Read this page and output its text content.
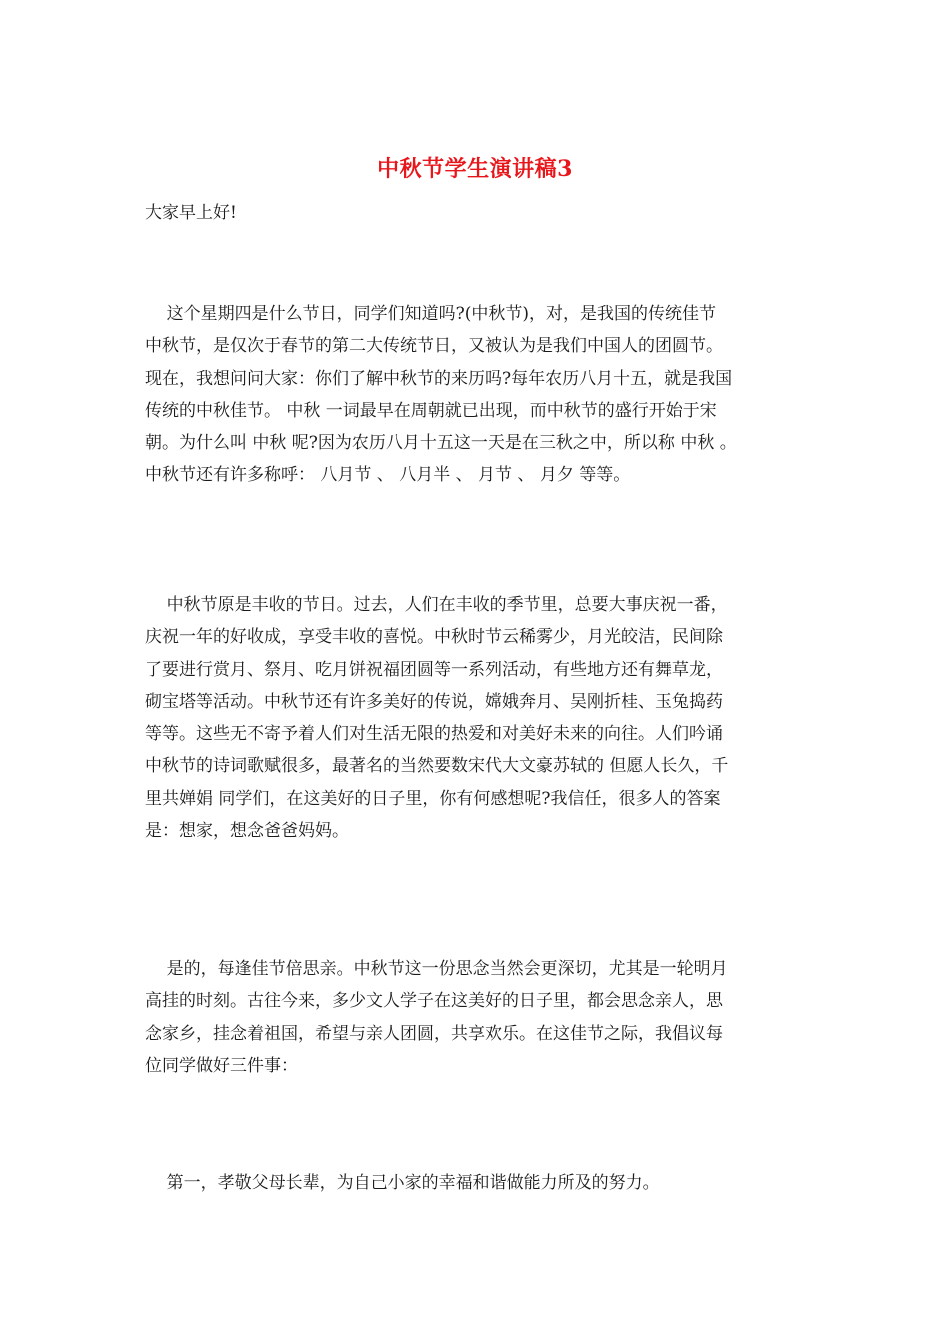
中秋节学生演讲稿3
大家早上好!
这个星期四是什么节日，同学们知道吗?(中秋节)，对，是我国的传统佳节
中秋节，是仅次于春节的第二大传统节日，又被认为是我们中国人的团圆节。
现在，我想问问大家：你们了解中秋节的来历吗?每年农历八月十五，就是我国
传统的中秋佳节。 中秋 一词最早在周朝就已出现，而中秋节的盛行开始于宋
朝。为什么叫 中秋 呢?因为农历八月十五这一天是在三秋之中，所以称 中秋 。
中秋节还有许多称呼： 八月节 、 八月半 、 月节 、 月夕 等等。
中秋节原是丰收的节日。过去，人们在丰收的季节里，总要大事庆祝一番，
庆祝一年的好收成，享受丰收的喜悦。中秋时节云稀雾少，月光皎洁，民间除
了要进行赏月、祭月、吃月饼祝福团圆等一系列活动，有些地方还有舞草龙，
砌宝塔等活动。中秋节还有许多美好的传说，嫦娥奔月、吴刚折桂、玉兔捣药
等等。这些无不寄予着人们对生活无限的热爱和对美好未来的向往。人们吟诵
中秋节的诗词歌赋很多，最著名的当然要数宋代大文豪苏轼的 但愿人长久，千
里共婵娟 同学们，在这美好的日子里，你有何感想呢?我信任，很多人的答案
是：想家，想念爸爸妈妈。
是的，每逢佳节倍思亲。中秋节这一份思念当然会更深切，尤其是一轮明月
高挂的时刻。古往今来，多少文人学子在这美好的日子里，都会思念亲人，思
念家乡，挂念着祖国，希望与亲人团圆，共享欢乐。在这佳节之际，我倡议每
位同学做好三件事：
第一，孝敬父母长辈，为自己小家的幸福和谐做能力所及的努力。
